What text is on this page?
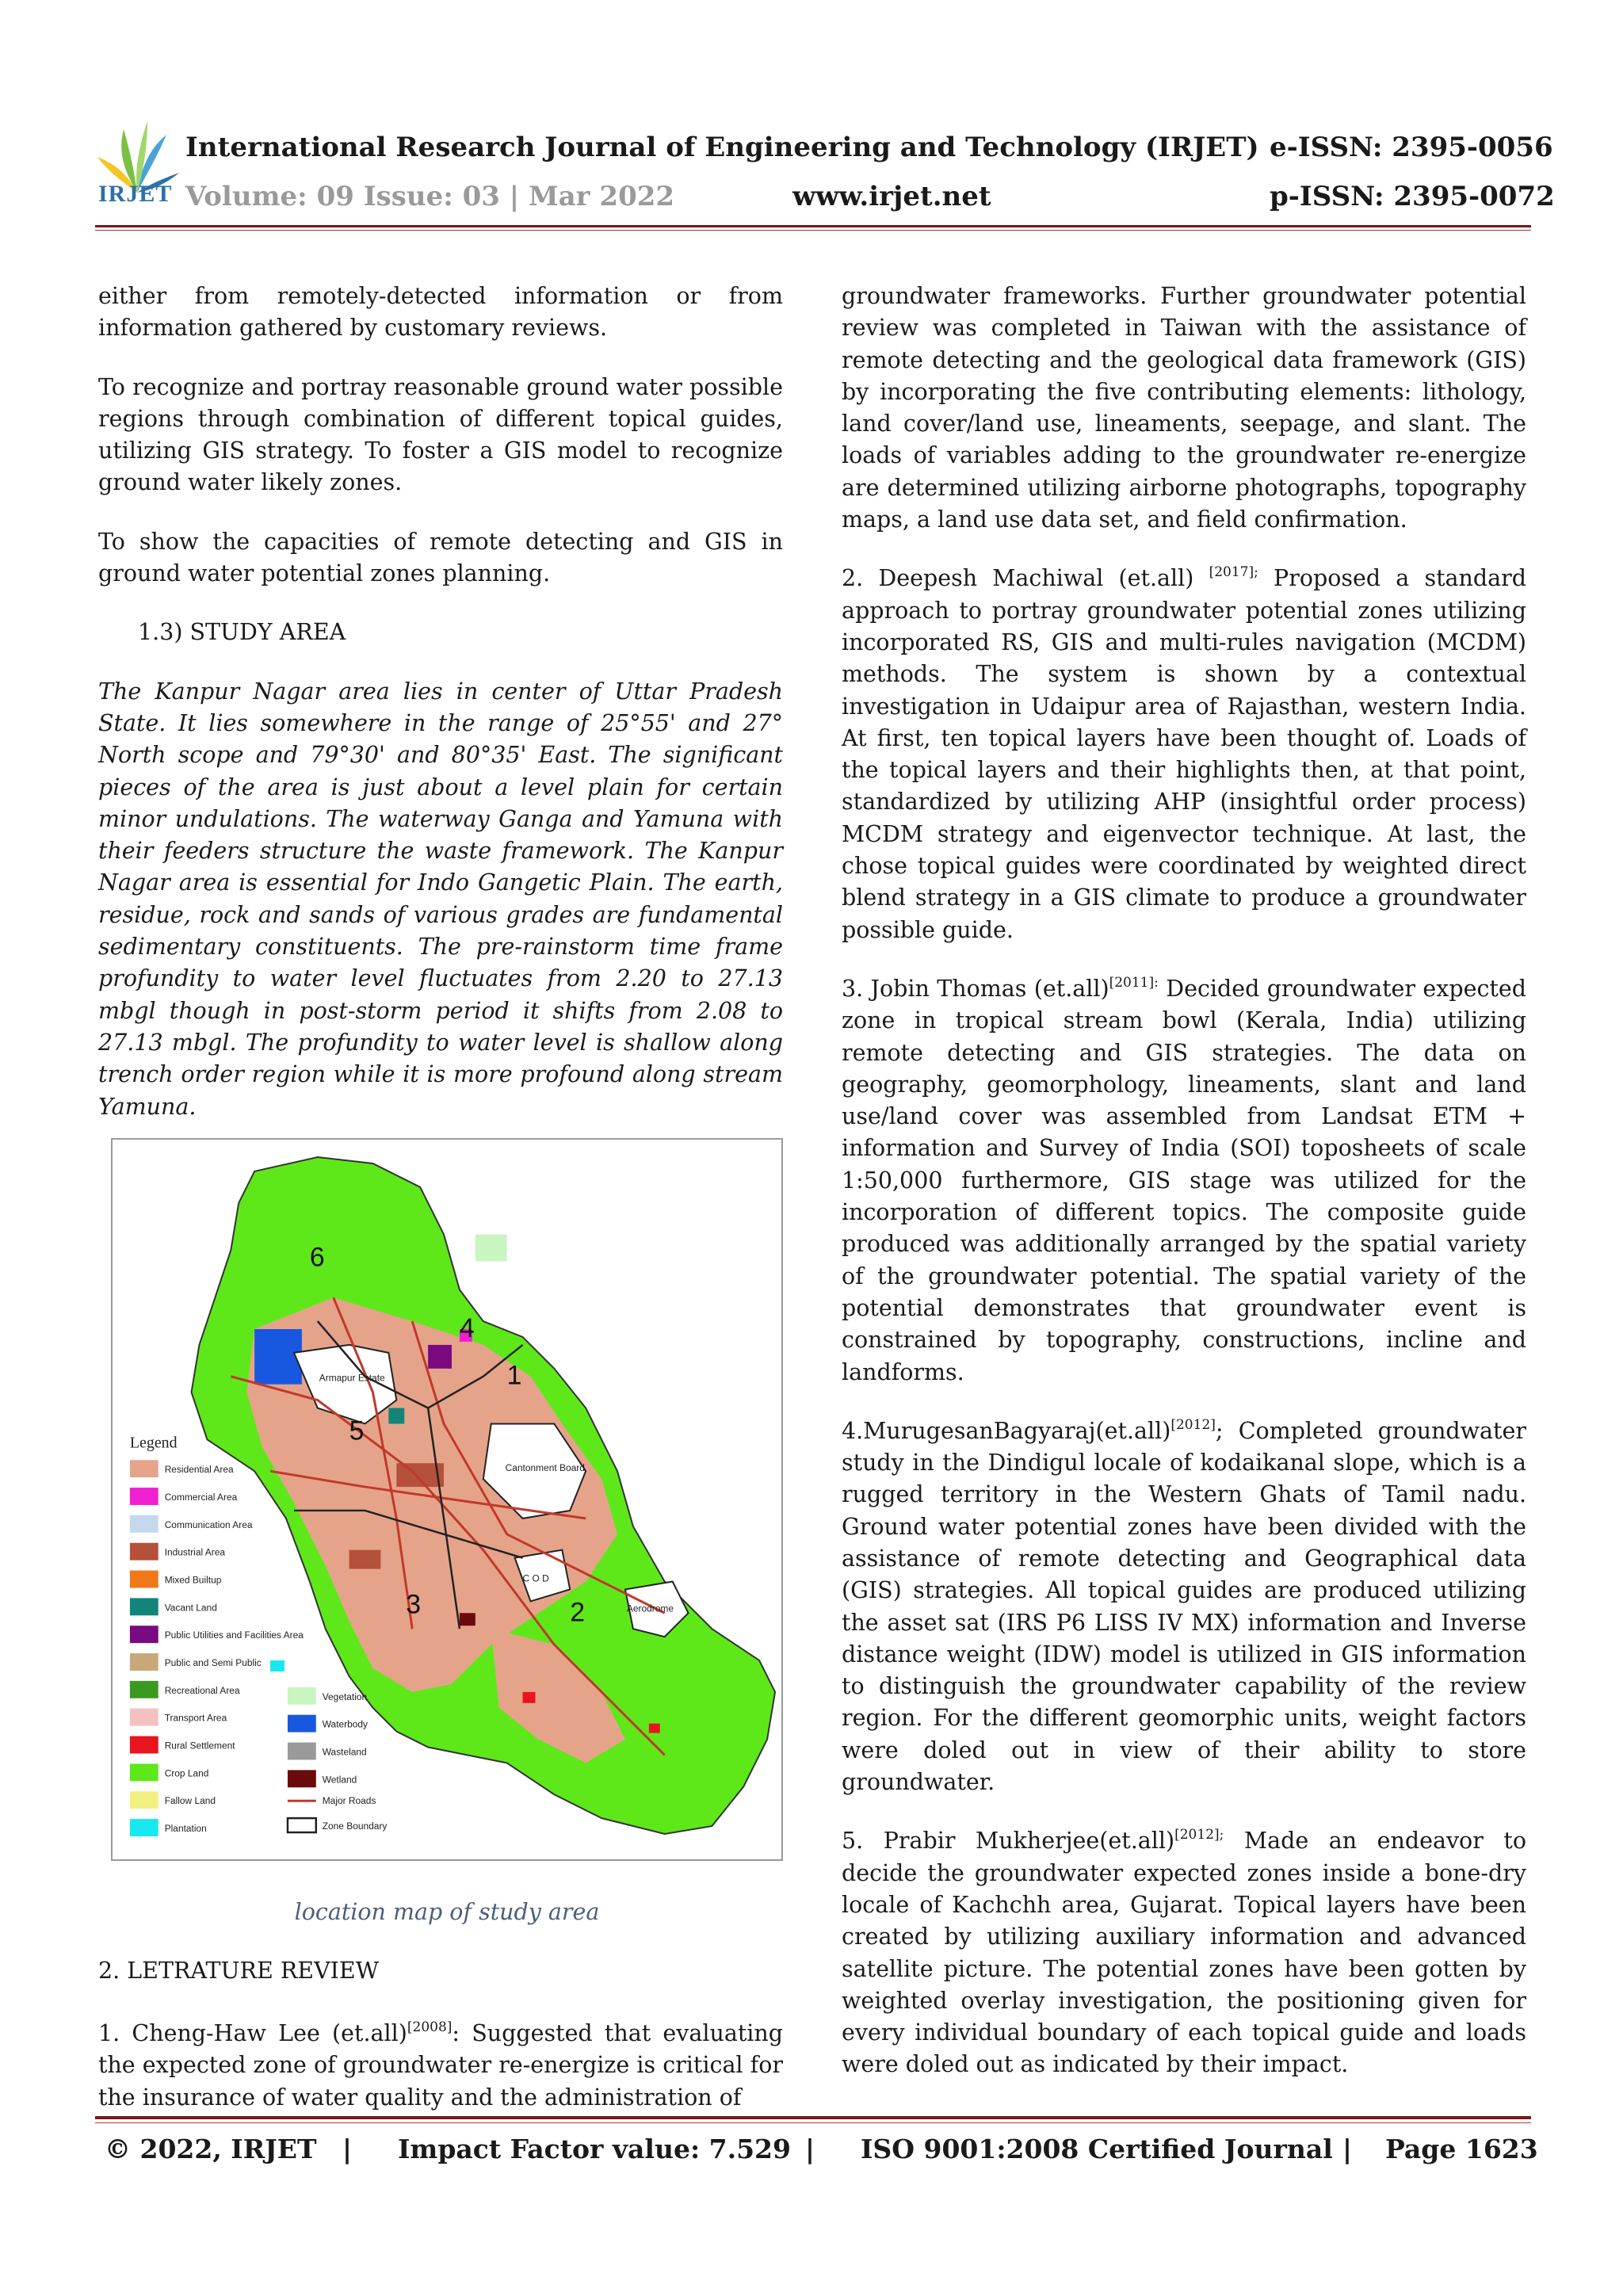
IRJET
International Research Journal of Engineering and Technology (IRJET) e-ISSN: 2395-0056
Volume: 09 Issue: 03 | Mar 2022	www.irjet.net	p-ISSN: 2395-0072

either from remotely-detected information or from information gathered by customary reviews.

To recognize and portray reasonable ground water possible regions through combination of different topical guides, utilizing GIS strategy. To foster a GIS model to recognize ground water likely zones.

To show the capacities of remote detecting and GIS in ground water potential zones planning.

1.3) STUDY AREA

The Kanpur Nagar area lies in center of Uttar Pradesh State. It lies somewhere in the range of 25°55' and 27° North scope and 79°30' and 80°35' East. The significant pieces of the area is just about a level plain for certain minor undulations. The waterway Ganga and Yamuna with their feeders structure the waste framework. The Kanpur Nagar area is essential for Indo Gangetic Plain. The earth, residue, rock and sands of various grades are fundamental sedimentary constituents. The pre-rainstorm time frame profundity to water level fluctuates from 2.20 to 27.13 mbgl though in post-storm period it shifts from 2.08 to 27.13 mbgl. The profundity to water level is shallow along trench order region while it is more profound along stream Yamuna.

Armapur Estate
Cantonment Board
C O D
Aerodrome
1
2
3
4
5
6
Legend
Residential Area
Commercial Area
Communication Area
Industrial Area
Mixed Builtup
Vacant Land
Public Utilities and Facilities Area
Public and Semi Public
Recreational Area
Transport Area
Rural Settlement
Crop Land
Fallow Land
Plantation
Vegetation
Waterbody
Wasteland
Wetland
Major Roads
Zone Boundary
location map of study area
2. LETRATURE REVIEW

1. Cheng-Haw Lee (et.all)[2008]: Suggested that evaluating the expected zone of groundwater re-energize is critical for the insurance of water quality and the administration of

groundwater frameworks. Further groundwater potential review was completed in Taiwan with the assistance of remote detecting and the geological data framework (GIS) by incorporating the five contributing elements: lithology, land cover/land use, lineaments, seepage, and slant. The loads of variables adding to the groundwater re-energize are determined utilizing airborne photographs, topography maps, a land use data set, and field confirmation.

2. Deepesh Machiwal (et.all) $^{[2017];}$ Proposed a standard approach to portray groundwater potential zones utilizing incorporated RS, GIS and multi-rules navigation (MCDM) methods. The system is shown by a contextual investigation in Udaipur area of Rajasthan, western India. At first, ten topical layers have been thought of. Loads of the topical layers and their highlights then, at that point, standardized by utilizing AHP (insightful order process) MCDM strategy and eigenvector technique. At last, the chose topical guides were coordinated by weighted direct blend strategy in a GIS climate to produce a groundwater possible guide.

3. Jobin Thomas $(et.all)^{[2011]:}$ Decided groundwater expected zone in tropical stream bowl (Kerala, India) utilizing remote detecting and GIS strategies. The data on geography, geomorphology, lineaments, slant and land use/land cover was assembled from Landsat ETM + information and Survey of India (SOI) toposheets of scale 1:50,000 furthermore, GIS stage was utilized for the incorporation of different topics. The composite guide produced was additionally arranged by the spatial variety of the groundwater potential. The spatial variety of the potential demonstrates that groundwater event is constrained by topography, constructions, incline and landforms.

4.MurugesanBagyaraj(et.all)[2012]; Completed groundwater study in the Dindigul locale of kodaikanal slope, which is a rugged territory in the Western Ghats of Tamil nadu. Ground water potential zones have been divided with the assistance of remote detecting and Geographical data (GIS) strategies. All topical guides are produced utilizing the asset sat (IRS P6 LISS IV MX) information and Inverse distance weight (IDW) model is utilized in GIS information to distinguish the groundwater capability of the review region. For the different geomorphic units, weight factors were doled out in view of their ability to store groundwater.

5. Prabir $Mukherjee(et.all)^{[2012];}$ Made an endeavor to decide the groundwater expected zones inside a bone-dry locale of Kachchh area, Gujarat. Topical layers have been created by utilizing auxiliary information and advanced satellite picture. The potential zones have been gotten by weighted overlay investigation, the positioning given for every individual boundary of each topical guide and loads were doled out as indicated by their impact.

© 2022, IRJET | Impact Factor value: 7.529 | ISO 9001:2008 Certified Journal | Page 1623
